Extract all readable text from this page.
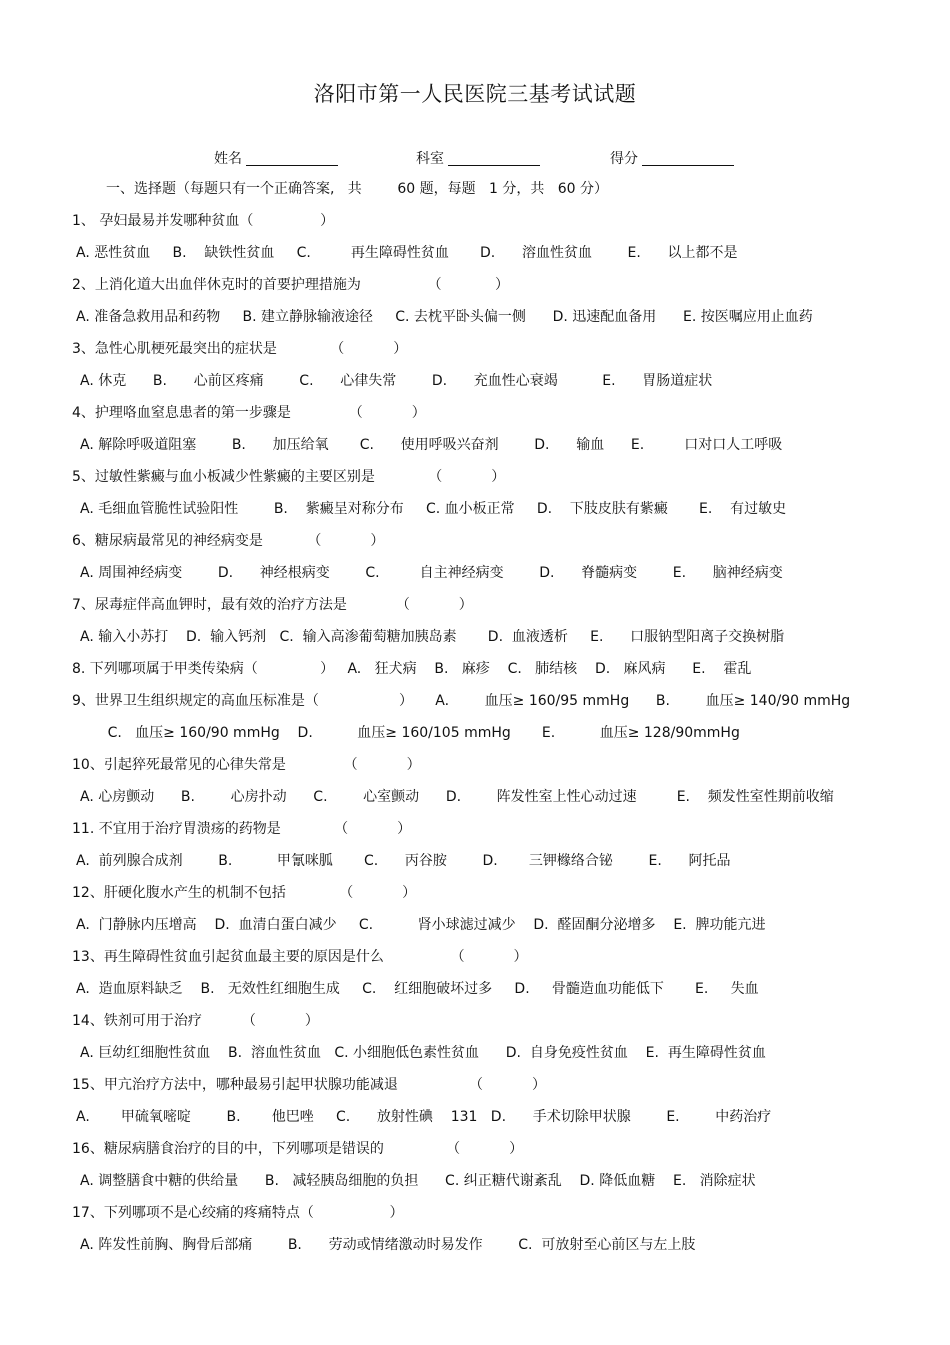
洛阳市第一人民医院三基考试试题
姓名	科室	得分
一、选择题（每题只有一个正确答案,   共        60 题，每题   1 分，共   60 分）
1、 孕妇最易并发哪种贫血（               ）
A. 恶性贫血     B.    缺铁性贫血     C.         再生障碍性贫血       D.      溶血性贫血        E.      以上都不是
2、上消化道大出血伴休克时的首要护理措施为               （            ）
A. 准备急救用品和药物     B. 建立静脉输液途径     C. 去枕平卧头偏一侧      D. 迅速配血备用      E. 按医嘱应用止血药
3、急性心肌梗死最突出的症状是            （           ）
A. 休克      B.      心前区疼痛        C.      心律失常        D.      充血性心衰竭          E.      胃肠道症状
4、护理咯血窒息患者的第一步骤是             （           ）
A. 解除呼吸道阻塞        B.      加压给氧       C.      使用呼吸兴奋剂        D.      输血      E.         口对口人工呼吸
5、过敏性紫癜与血小板减少性紫癜的主要区别是            （           ）
A. 毛细血管脆性试验阳性        B.    紫癜呈对称分布     C. 血小板正常     D.    下肢皮肤有紫癜       E.    有过敏史
6、糖尿病最常见的神经病变是          （           ）
A. 周围神经病变        D.      神经根病变        C.         自主神经病变        D.      脊髓病变        E.      脑神经病变
7、尿毒症伴高血钾时，最有效的治疗方法是           （           ）
A. 输入小苏打    D.  输入钙剂   C.  输入高渗葡萄糖加胰岛素       D.  血液透析     E.      口服钠型阳离子交换树脂
8. 下列哪项属于甲类传染病（              ）   A.   狂犬病    B.   麻疹    C.   肺结核    D.   麻风病      E.    霍乱
9、世界卫生组织规定的高血压标准是（                  ）     A.        血压≥ 160/95 mmHg      B.        血压≥ 140/90 mmHg
C.   血压≥ 160/90 mmHg    D.          血压≥ 160/105 mmHg       E.          血压≥ 128/90mmHg
10、引起猝死最常见的心律失常是             （           ）
A. 心房颤动      B.        心房扑动      C.        心室颤动      D.        阵发性室上性心动过速         E.    频发性室性期前收缩
11. 不宜用于治疗胃溃疡的药物是            （           ）
A.  前列腺合成剂        B.          甲氰咪胍       C.      丙谷胺        D.       三钾橼络合铋        E.      阿托品
12、肝硬化腹水产生的机制不包括            （           ）
A.  门静脉内压增高    D.  血清白蛋白减少     C.          肾小球滤过减少    D.  醛固酮分泌增多    E.  脾功能亢进
13、再生障碍性贫血引起贫血最主要的原因是什么               （           ）
A.  造血原料缺乏    B.   无效性红细胞生成     C.    红细胞破坏过多     D.     骨髓造血功能低下       E.     失血
14、铁剂可用于治疗         （           ）
A. 巨幼红细胞性贫血    B.  溶血性贫血   C. 小细胞低色素性贫血      D.  自身免疫性贫血    E.  再生障碍性贫血
15、甲亢治疗方法中，哪种最易引起甲状腺功能减退                （           ）
A.       甲硫氧嘧啶        B.       他巴唑     C.      放射性碘    131   D.      手术切除甲状腺        E.        中药治疗
16、糖尿病膳食治疗的目的中，下列哪项是错误的              （           ）
A. 调整膳食中糖的供给量      B.   减轻胰岛细胞的负担      C. 纠正糖代谢紊乱    D. 降低血糖    E.   消除症状
17、下列哪项不是心绞痛的疼痛特点（                 ）
A. 阵发性前胸、胸骨后部痛        B.      劳动或情绪激动时易发作        C.  可放射至心前区与左上肢
